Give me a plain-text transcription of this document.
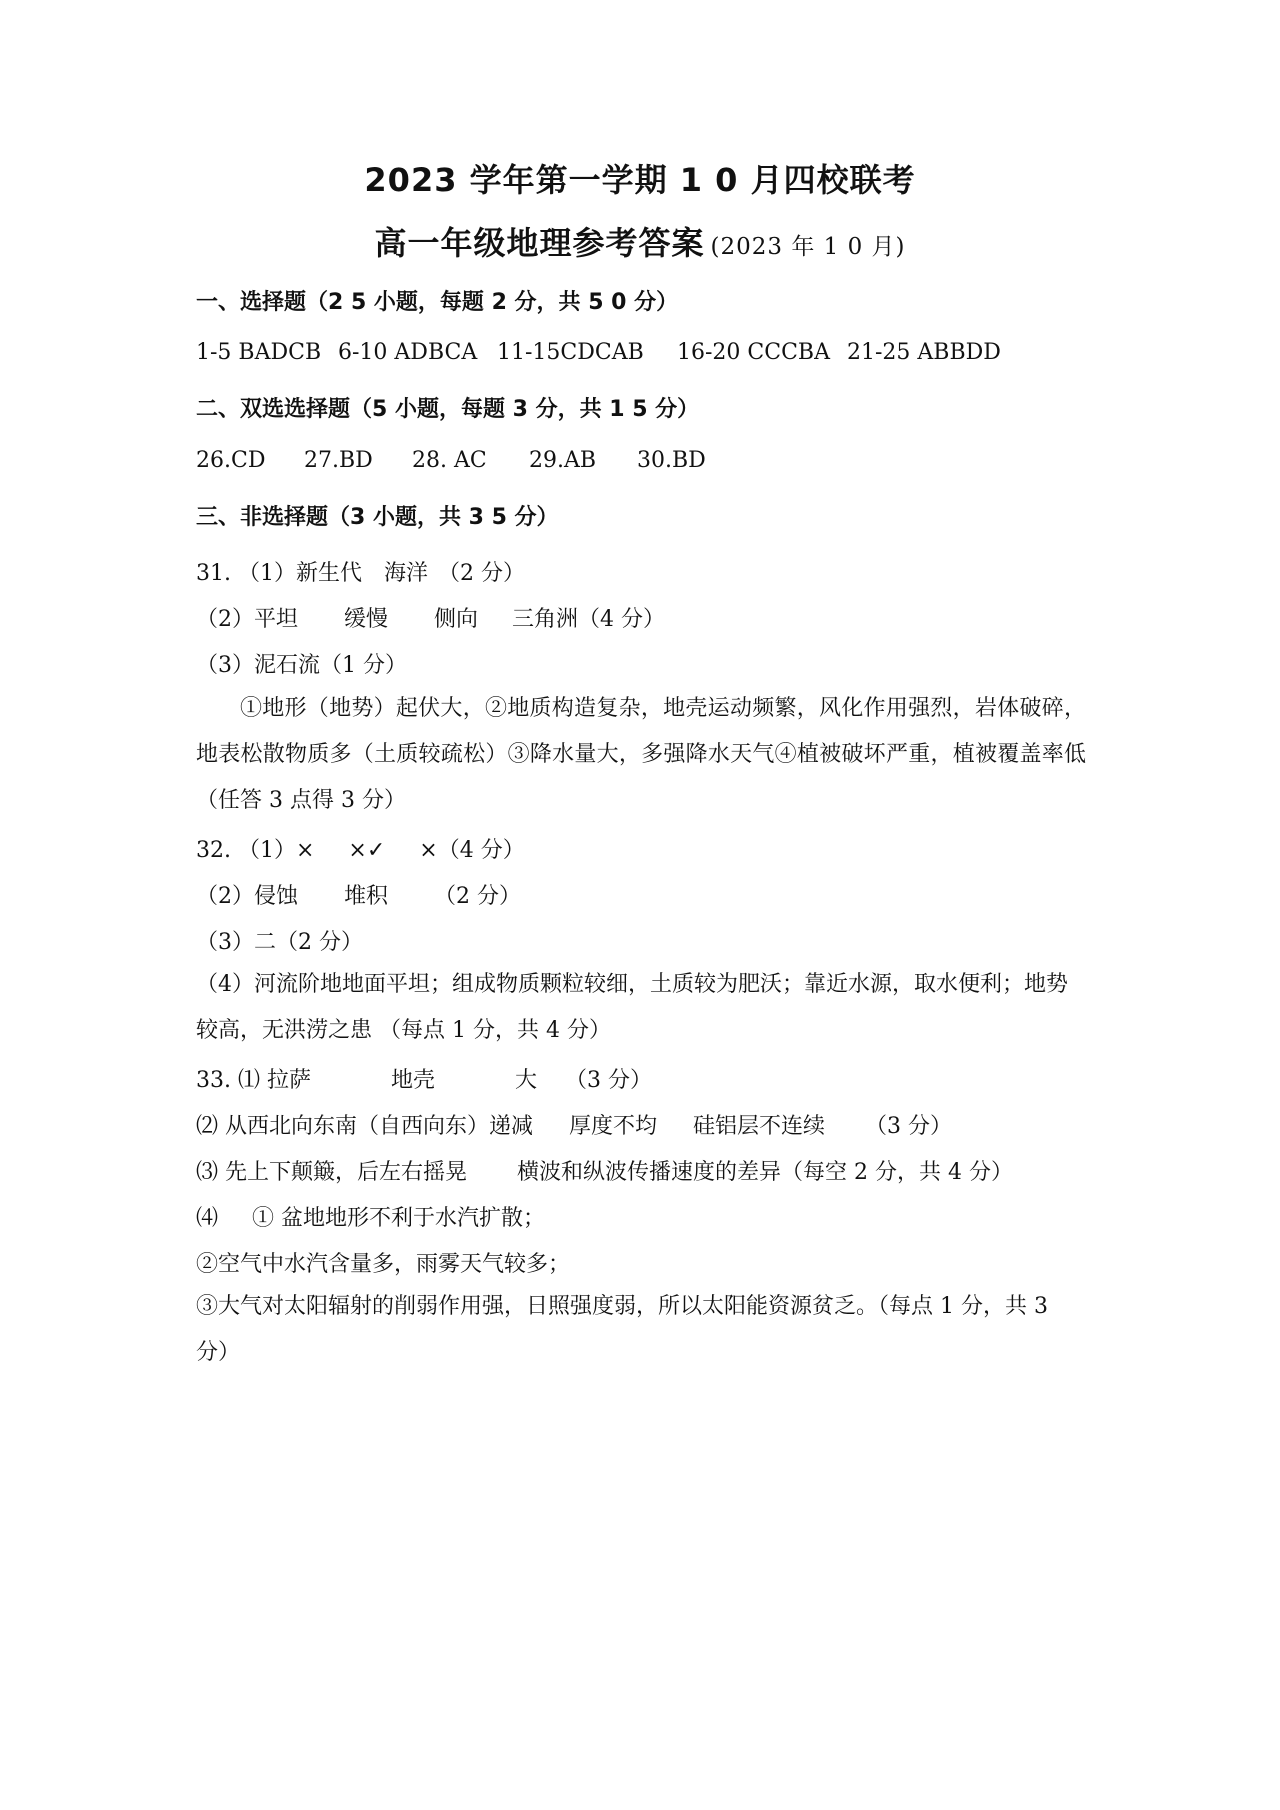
2023 学年第一学期 1 0 月四校联考
高一年级地理参考答案 (2023 年 1 0 月)
一、选择题（2 5 小题，每题 2 分，共 5 0 分）
1-5 BADCB 6-10 ADBCA 11-15CDCAB	16-20 CCCBA 21-25 ABBDD
二、双选选择题（5 小题，每题 3 分，共 1 5 分）
26.CD	27.BD	28. AC	29.AB	30.BD
三、非选择题（3 小题，共 3 5 分）
31. （1）新生代 海洋 （2 分）
（2）平坦 缓慢 侧向 三角洲（4 分）
（3）泥石流（1 分）
①地形（地势）起伏大，②地质构造复杂，地壳运动频繁，风化作用强烈，岩体破碎，地表松散物质多（土质较疏松）③降水量大，多强降水天气④植被破坏严重，植被覆盖率低（任答 3 点得 3 分）
32. （1）× ×✓ ×（4 分）
（2）侵蚀 堆积 （2 分）
（3）二（2 分）
（4）河流阶地地面平坦；组成物质颗粒较细，土质较为肥沃；靠近水源，取水便利；地势较高，无洪涝之患 （每点 1 分，共 4 分）
33. ⑴ 拉萨	地壳	大 （3 分）
⑵ 从西北向东南（自西向东）递减 厚度不均 硅铝层不连续 （3 分）
⑶ 先上下颠簸，后左右摇晃 横波和纵波传播速度的差异（每空 2 分，共 4 分）
⑷ ① 盆地地形不利于水汽扩散；
②空气中水汽含量多，雨雾天气较多；
③大气对太阳辐射的削弱作用强，日照强度弱，所以太阳能资源贫乏。（每点 1 分，共 3 分）
